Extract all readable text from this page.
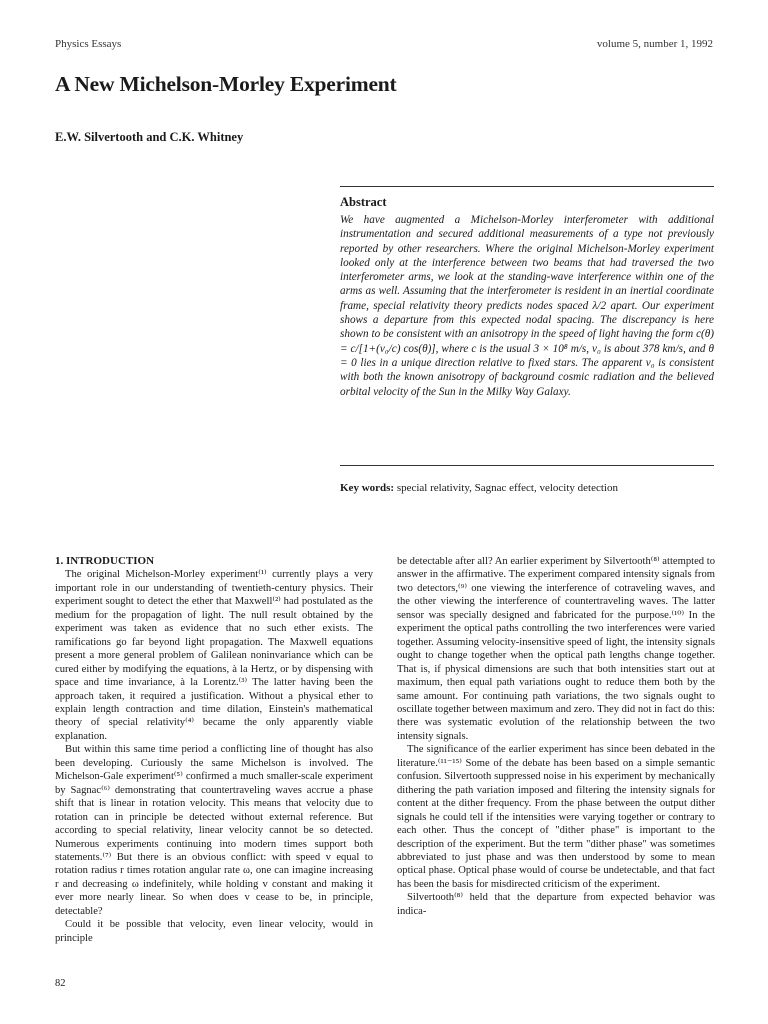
Physics Essays	volume 5, number 1, 1992
A New Michelson-Morley Experiment
E.W. Silvertooth and C.K. Whitney
Abstract

We have augmented a Michelson-Morley interferometer with additional instrumentation and secured additional measurements of a type not previously reported by other researchers. Where the original Michelson-Morley experiment looked only at the interference between two beams that had traversed the two interferometer arms, we look at the standing-wave interference within one of the arms as well. Assuming that the interferometer is resident in an inertial coordinate frame, special relativity theory predicts nodes spaced λ/2 apart. Our experiment shows a departure from this expected nodal spacing. The discrepancy is here shown to be consistent with an anisotropy in the speed of light having the form c(θ) = c/[1+(v₀/c) cos(θ)], where c is the usual 3 × 10⁸ m/s, v₀ is about 378 km/s, and θ = 0 lies in a unique direction relative to fixed stars. The apparent v₀ is consistent with both the known anisotropy of background cosmic radiation and the believed orbital velocity of the Sun in the Milky Way Galaxy.

Key words: special relativity, Sagnac effect, velocity detection

1. INTRODUCTION

The original Michelson-Morley experiment⁽¹⁾ currently plays a very important role in our understanding of twentieth-century physics. Their experiment sought to detect the ether that Maxwell⁽²⁾ had postulated as the medium for the propagation of light. The null result obtained by the experiment was taken as evidence that no such ether exists. The ramifications go far beyond light propagation. The Maxwell equations present a more general problem of Galilean noninvariance which can be cured either by modifying the equations, à la Hertz, or by dispensing with space and time invariance, à la Lorentz.⁽³⁾ The latter having been the approach taken, it required a justification. Without a physical ether to explain length contraction and time dilation, Einstein's mathematical theory of special relativity⁽⁴⁾ became the only apparently viable explanation.

But within this same time period a conflicting line of thought has also been developing. Curiously the same Michelson is involved. The Michelson-Gale experiment⁽⁵⁾ confirmed a much smaller-scale experiment by Sagnac⁽⁶⁾ demonstrating that countertraveling waves accrue a phase shift that is linear in rotation velocity. This means that velocity due to rotation can in principle be detected without external reference. But according to special relativity, linear velocity cannot be so detected. Numerous experiments continuing into modern times support both statements.⁽⁷⁾ But there is an obvious conflict: with speed v equal to rotation radius r times rotation angular rate ω, one can imagine increasing r and decreasing ω indefinitely, while holding v constant and making it ever more nearly linear. So when does v cease to be, in principle, detectable?

Could it be possible that velocity, even linear velocity, would in principle

be detectable after all? An earlier experiment by Silvertooth⁽⁸⁾ attempted to answer in the affirmative. The experiment compared intensity signals from two detectors,⁽⁹⁾ one viewing the interference of cotraveling waves, and the other viewing the interference of countertraveling waves. The latter sensor was specially designed and fabricated for the purpose.⁽¹⁰⁾ In the experiment the optical paths controlling the two interferences were varied together. Assuming velocity-insensitive speed of light, the intensity signals ought to change together when the optical path lengths change together. That is, if physical dimensions are such that both intensities start out at maximum, then equal path variations ought to reduce them both by the same amount. For continuing path variations, the two signals ought to oscillate together between maximum and zero. They did not in fact do this: there was systematic evolution of the relationship between the two intensity signals.

The significance of the earlier experiment has since been debated in the literature.⁽¹¹⁻¹⁵⁾ Some of the debate has been based on a simple semantic confusion. Silvertooth suppressed noise in his experiment by mechanically dithering the path variation imposed and filtering the intensity signals for content at the dither frequency. From the phase between the output dither signals he could tell if the intensities were varying together or contrary to each other. Thus the concept of "dither phase" is important to the description of the experiment. But the term "dither phase" was sometimes abbreviated to just phase and was then understood by some to mean optical phase. Optical phase would of course be undetectable, and that fact has been the basis for misdirected criticism of the experiment.

Silvertooth⁽⁸⁾ held that the departure from expected behavior was indica-

82
